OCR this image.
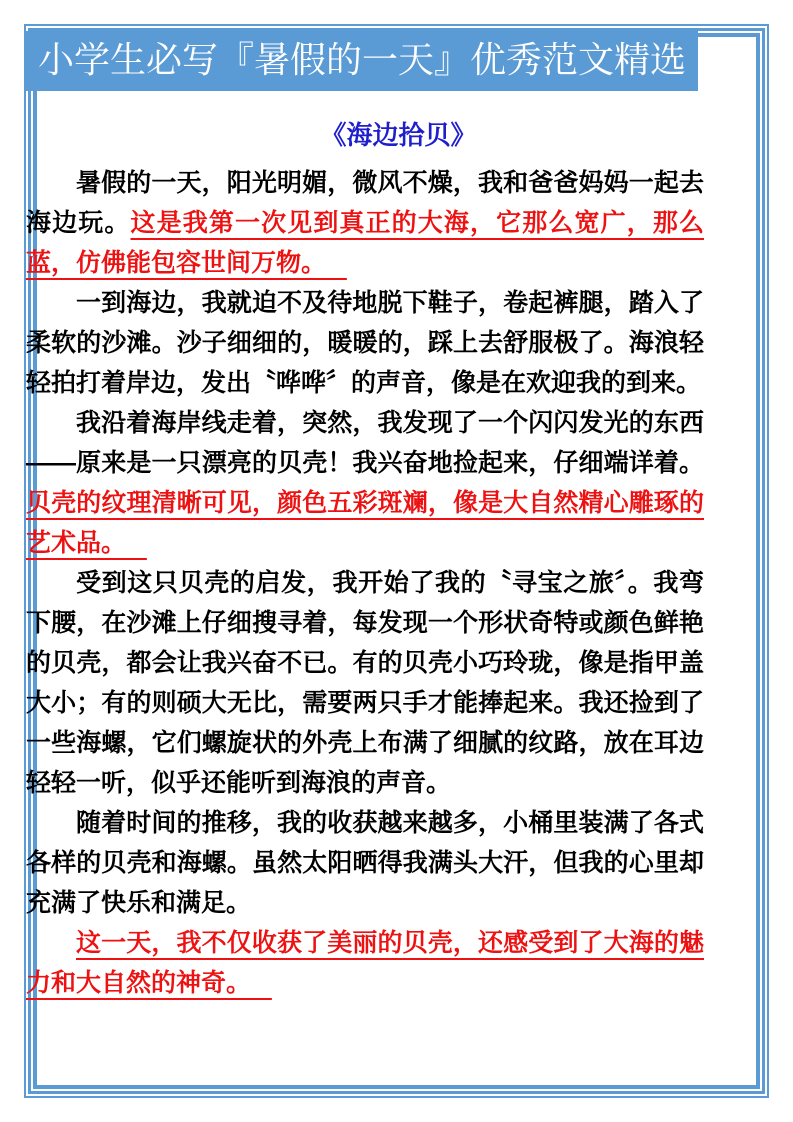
小学生必写『暑假的一天』优秀范文精选
《海边拾贝》

暑假的一天，阳光明媚，微风不燥，我和爸爸妈妈一起去海边玩。这是我第一次见到真正的大海，它那么宽广，那么蓝，仿佛能包容世间万物。

一到海边，我就迫不及待地脱下鞋子，卷起裤腿，踏入了柔软的沙滩。沙子细细的，暖暖的，踩上去舒服极了。海浪轻轻拍打着岸边，发出〝哗哗〞的声音，像是在欢迎我的到来。

我沿着海岸线走着，突然，我发现了一个闪闪发光的东西——原来是一只漂亮的贝壳！我兴奋地捡起来，仔细端详着。贝壳的纹理清晰可见，颜色五彩斑斓，像是大自然精心雕琢的艺术品。

受到这只贝壳的启发，我开始了我的〝寻宝之旅〞。我弯下腰，在沙滩上仔细搜寻着，每发现一个形状奇特或颜色鲜艳的贝壳，都会让我兴奋不已。有的贝壳小巧玲珑，像是指甲盖大小；有的则硕大无比，需要两只手才能捧起来。我还捡到了一些海螺，它们螺旋状的外壳上布满了细腻的纹路，放在耳边轻轻一听，似乎还能听到海浪的声音。

随着时间的推移，我的收获越来越多，小桶里装满了各式各样的贝壳和海螺。虽然太阳晒得我满头大汗，但我的心里却充满了快乐和满足。

这一天，我不仅收获了美丽的贝壳，还感受到了大海的魅力和大自然的神奇。
